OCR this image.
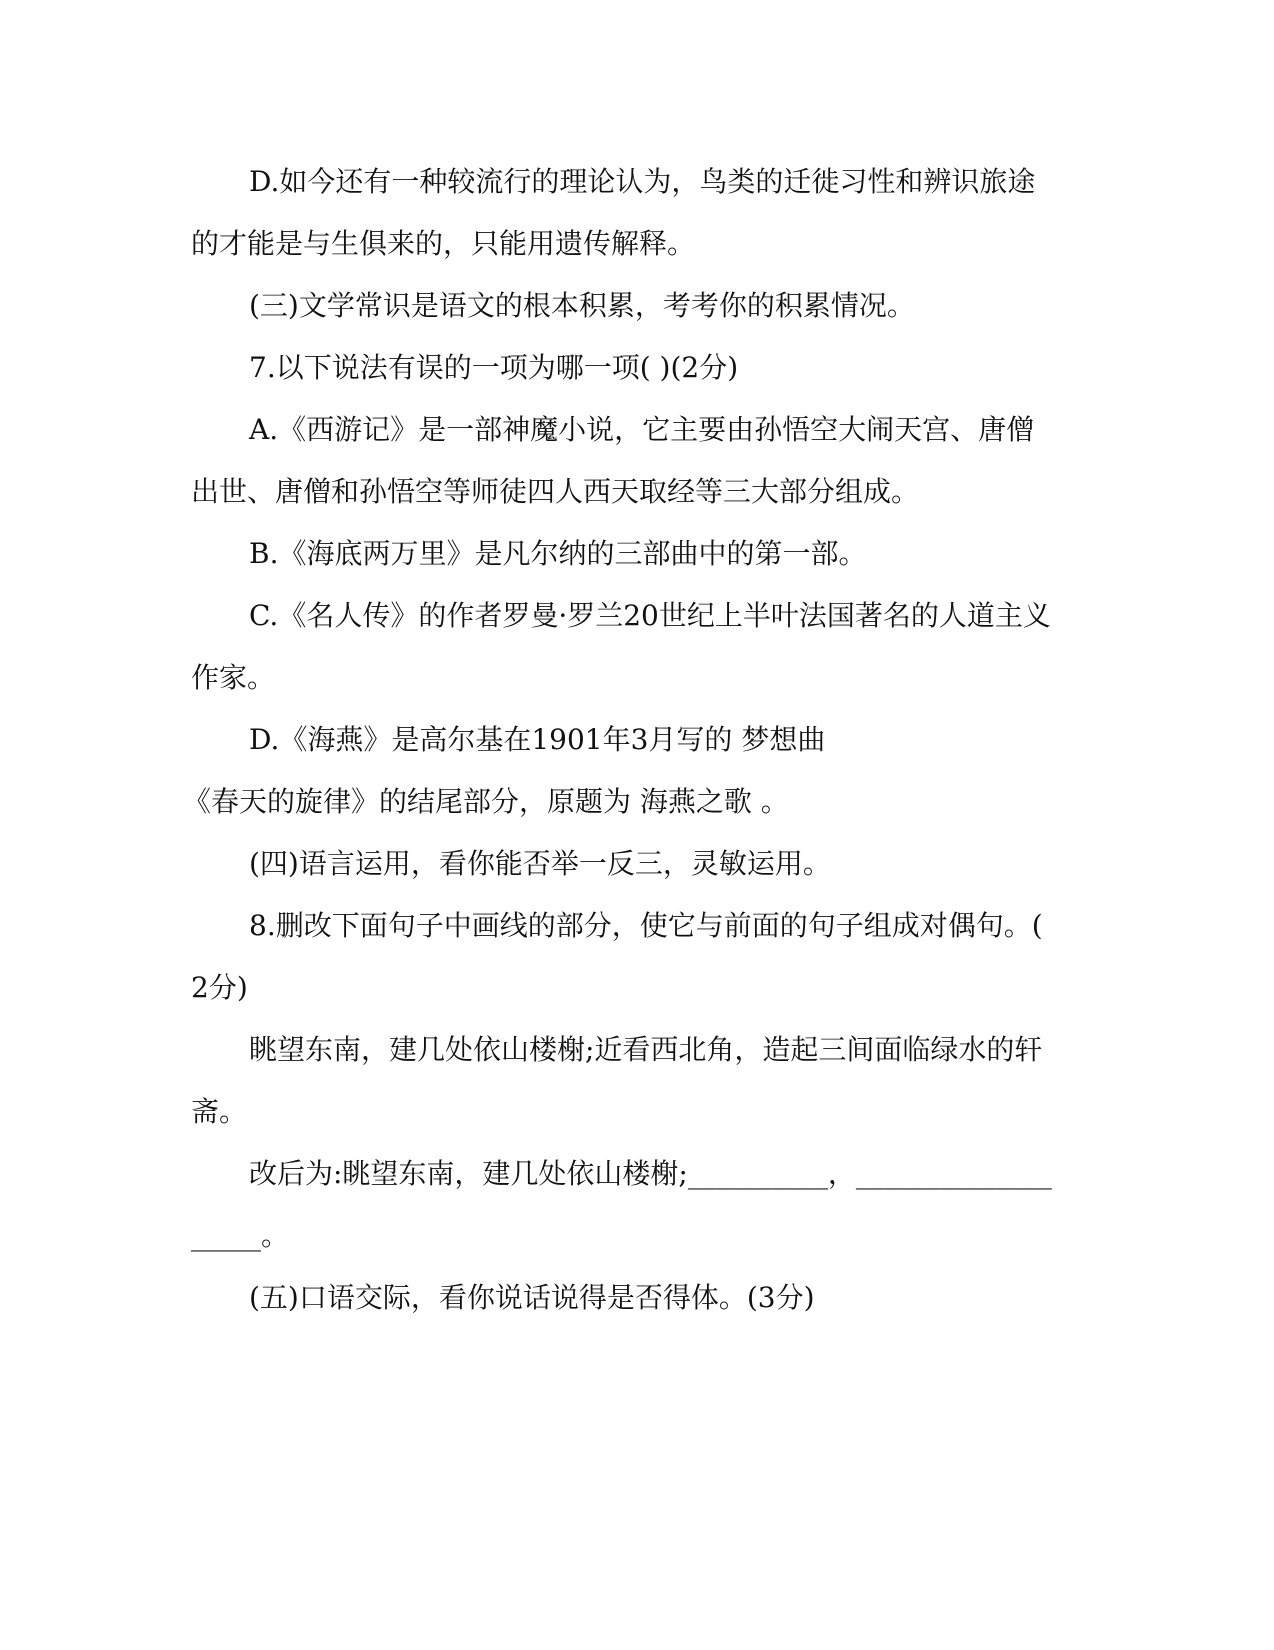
D.如今还有一种较流行的理论认为，鸟类的迁徙习性和辨识旅途

的才能是与生俱来的，只能用遗传解释。

(三)文学常识是语文的根本积累，考考你的积累情况。

7.以下说法有误的一项为哪一项( )(2分)

A.《西游记》是一部神魔小说，它主要由孙悟空大闹天宫、唐僧

出世、唐僧和孙悟空等师徒四人西天取经等三大部分组成。

B.《海底两万里》是凡尔纳的三部曲中的第一部。

C.《名人传》的作者罗曼·罗兰20世纪上半叶法国著名的人道主义

作家。

D.《海燕》是高尔基在1901年3月写的 梦想曲

《春天的旋律》的结尾部分，原题为 海燕之歌 。

(四)语言运用，看你能否举一反三，灵敏运用。

8.删改下面句子中画线的部分，使它与前面的句子组成对偶句。(

2分)

眺望东南，建几处依山楼榭;近看西北角，造起三间面临绿水的轩

斋。

改后为:眺望东南，建几处依山楼榭;__________，______________

_____。

(五)口语交际，看你说话说得是否得体。(3分)
